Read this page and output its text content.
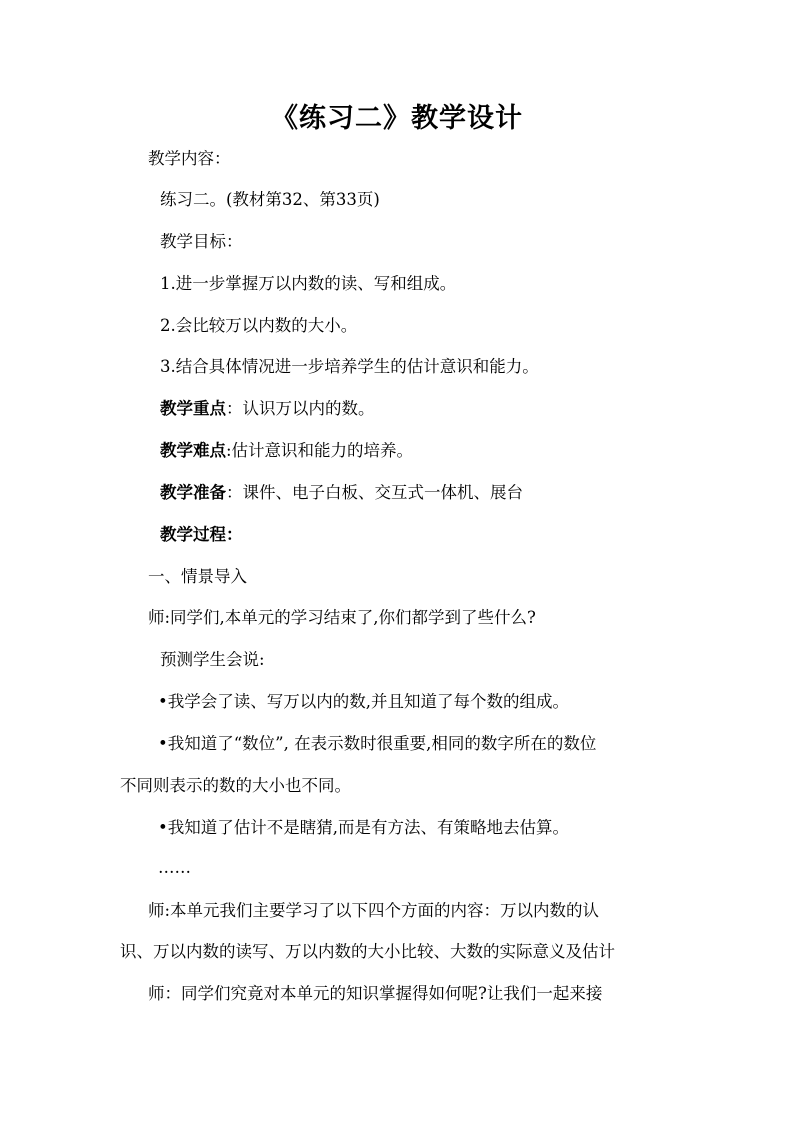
《练习二》教学设计
教学内容：
练习二。(教材第32、第33页)
教学目标：
1.进一步掌握万以内数的读、写和组成。
2.会比较万以内数的大小。
3.结合具体情况进一步培养学生的估计意识和能力。
教学重点：认识万以内的数。
教学难点:估计意识和能力的培养。
教学准备：课件、电子白板、交互式一体机、展台
教学过程：
一、情景导入
师:同学们,本单元的学习结束了,你们都学到了些什么?
预测学生会说:
•我学会了读、写万以内的数,并且知道了每个数的组成。
•我知道了“数位”, 在表示数时很重要,相同的数字所在的数位
不同则表示的数的大小也不同。
•我知道了估计不是瞎猜,而是有方法、有策略地去估算。
……
师:本单元我们主要学习了以下四个方面的内容：万以内数的认
识、万以内数的读写、万以内数的大小比较、大数的实际意义及估计
师：同学们究竟对本单元的知识掌握得如何呢?让我们一起来接
